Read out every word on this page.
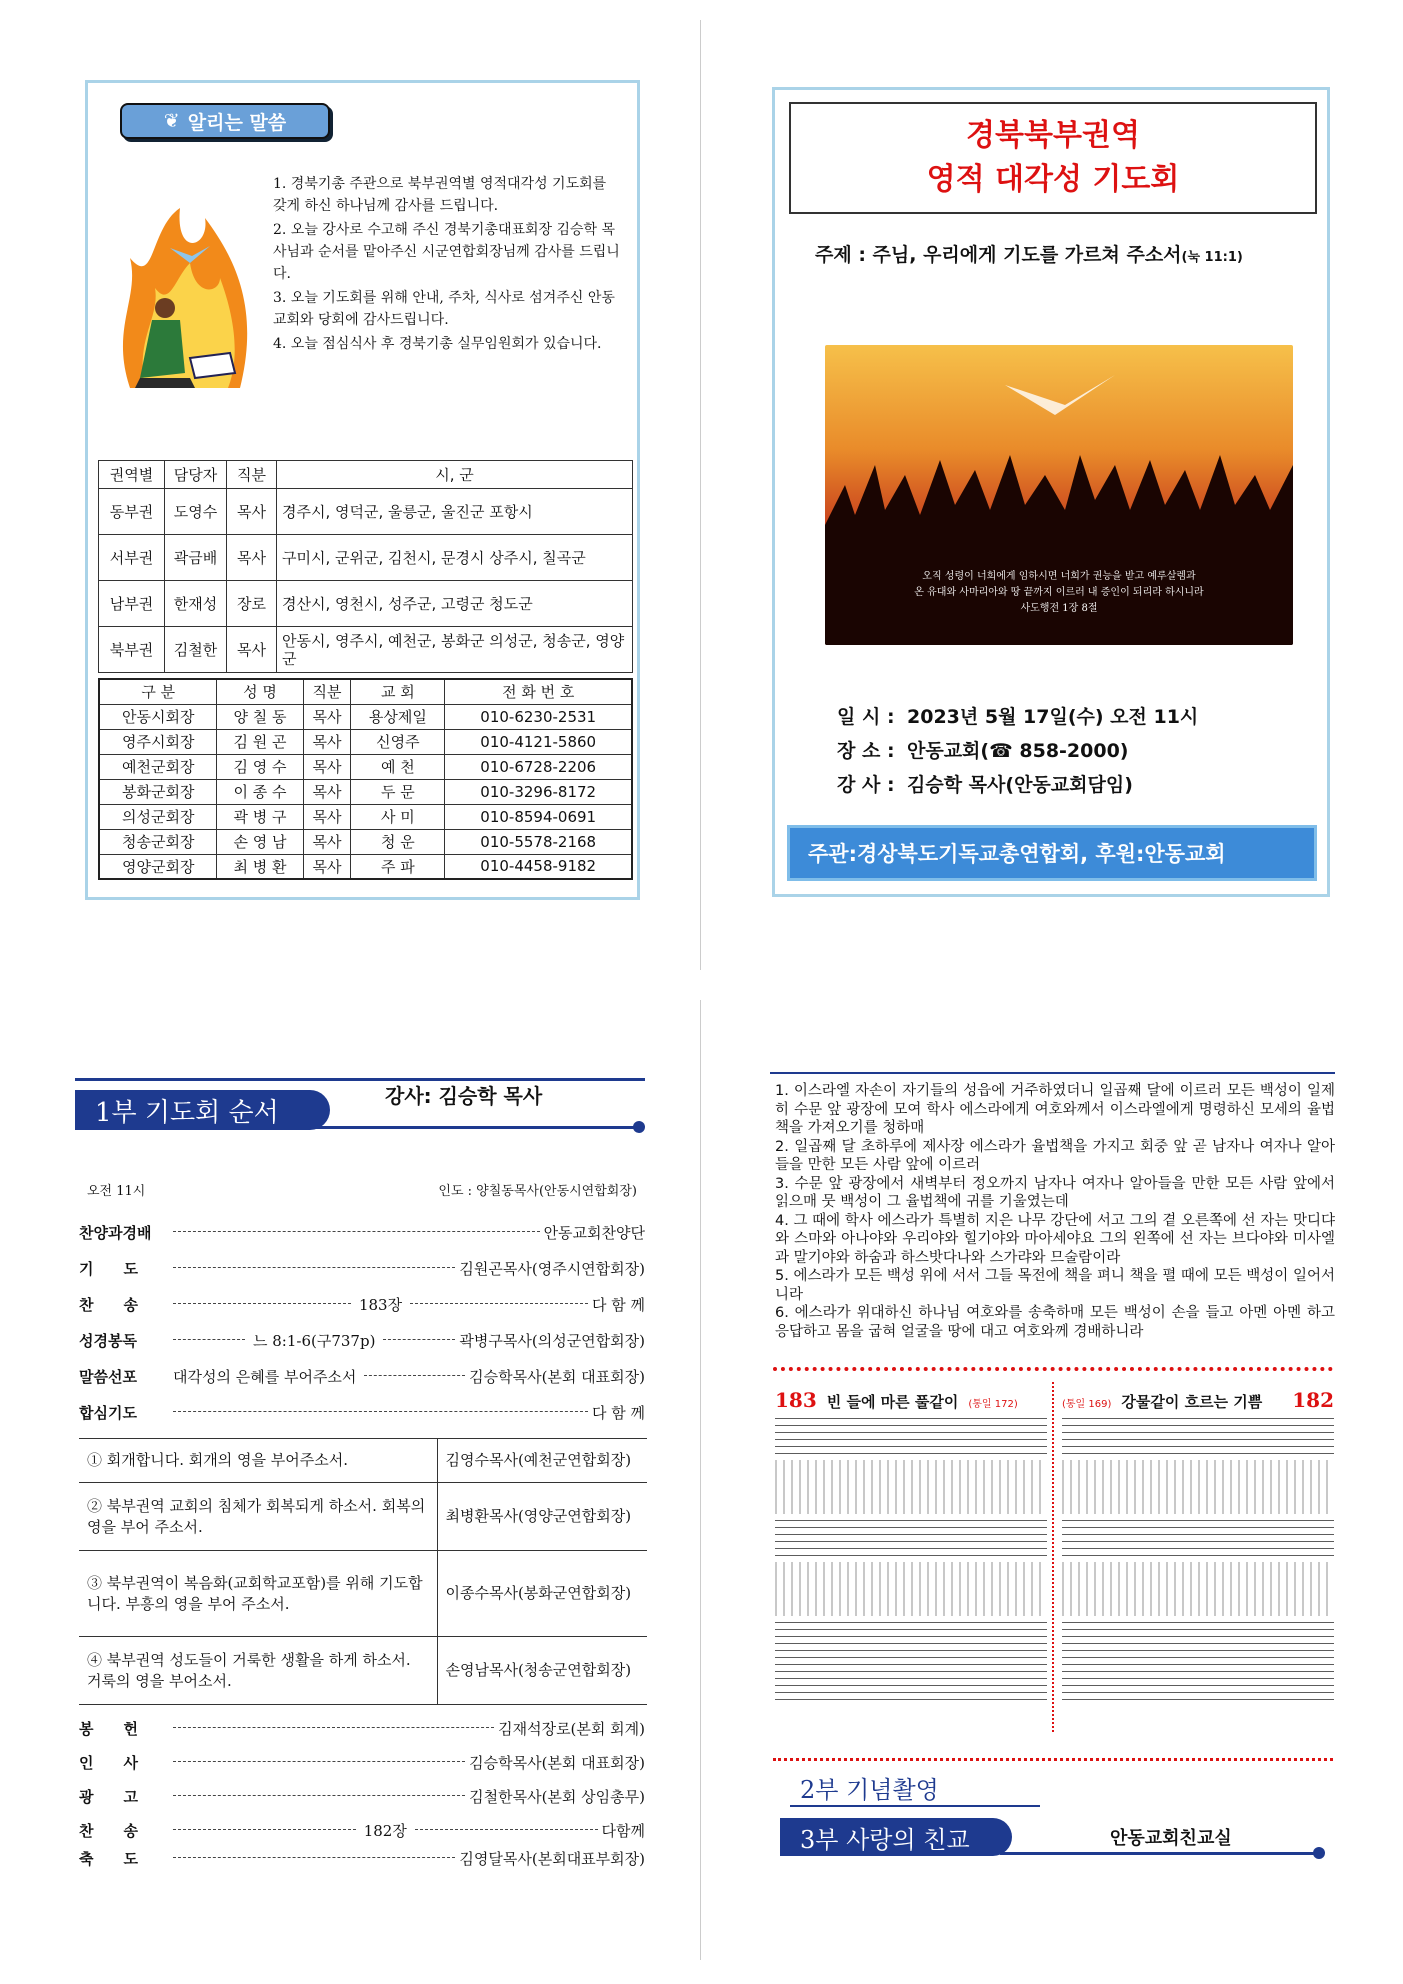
❦ 알리는 말씀
1. 경북기총 주관으로 북부권역별 영적대각성 기도회를 갖게 하신 하나님께 감사를 드립니다.
2. 오늘 강사로 수고해 주신 경북기총대표회장 김승학 목사님과 순서를 맡아주신 시군연합회장님께 감사를 드립니다.
3. 오늘 기도회를 위해 안내, 주차, 식사로 섬겨주신 안동교회와 당회에 감사드립니다.
4. 오늘 점심식사 후 경북기총 실무임원회가 있습니다.
권역별	담당자	직분	시, 군
동부권	도영수	목사	경주시, 영덕군, 울릉군, 울진군 포항시
서부권	곽금배	목사	구미시, 군위군, 김천시, 문경시 상주시, 칠곡군
남부권	한재성	장로	경산시, 영천시, 성주군, 고령군 청도군
북부권	김철한	목사	안동시, 영주시, 예천군, 봉화군 의성군, 청송군, 영양군
구 분	성 명	직분	교 회	전 화 번 호
안동시회장	양 칠 동	목사	용상제일	010-6230-2531
영주시회장	김 원 곤	목사	신영주	010-4121-5860
예천군회장	김 영 수	목사	예 천	010-6728-2206
봉화군회장	이 종 수	목사	두 문	010-3296-8172
의성군회장	곽 병 구	목사	사 미	010-8594-0691
청송군회장	손 영 남	목사	청 운	010-5578-2168
영양군회장	최 병 환	목사	주 파	010-4458-9182
경북북부권역
영적 대각성 기도회
주제 : 주님, 우리에게 기도를 가르쳐 주소서(눅 11:1)
오직 성령이 너희에게 임하시면 너희가 권능을 받고 예루살렘과
온 유대와 사마리아와 땅 끝까지 이르러 내 증인이 되리라 하시니라
사도행전 1장 8절
일 시 : 2023년 5월 17일(수) 오전 11시
장 소 : 안동교회(☎ 858-2000)
강 사 : 김승학 목사(안동교회담임)
주관:경상북도기독교총연합회, 후원:안동교회
1부 기도회 순서
강사: 김승학 목사
오전 11시	인도 : 양칠동목사(안동시연합회장)
찬양과경배	안동교회찬양단
기　　도	김원곤목사(영주시연합회장)
찬　　송	183장	다 함 께
성경봉독	느 8:1-6(구737p)	곽병구목사(의성군연합회장)
말씀선포	대각성의 은혜를 부어주소서	김승학목사(본회 대표회장)
합심기도	다 함 께
① 회개합니다. 회개의 영을 부어주소서.	김영수목사(예천군연합회장)
② 북부권역 교회의 침체가 회복되게 하소서. 회복의 영을 부어 주소서.	최병환목사(영양군연합회장)
③ 북부권역이 복음화(교회학교포함)를 위해 기도합니다. 부흥의 영을 부어 주소서.	이종수목사(봉화군연합회장)
④ 북부권역 성도들이 거룩한 생활을 하게 하소서. 거룩의 영을 부어소서.	손영남목사(청송군연합회장)
봉　　헌	김재석장로(본회 회계)
인　　사	김승학목사(본회 대표회장)
광　　고	김철한목사(본회 상임총무)
찬　　송	182장	다함께
축　　도	김영달목사(본회대표부회장)
1. 이스라엘 자손이 자기들의 성읍에 거주하였더니 일곱째 달에 이르러 모든 백성이 일제히 수문 앞 광장에 모여 학사 에스라에게 여호와께서 이스라엘에게 명령하신 모세의 율법책을 가져오기를 청하매
2. 일곱째 달 초하루에 제사장 에스라가 율법책을 가지고 회중 앞 곧 남자나 여자나 알아들을 만한 모든 사람 앞에 이르러
3. 수문 앞 광장에서 새벽부터 정오까지 남자나 여자나 알아들을 만한 모든 사람 앞에서 읽으매 뭇 백성이 그 율법책에 귀를 기울였는데
4. 그 때에 학사 에스라가 특별히 지은 나무 강단에 서고 그의 곁 오른쪽에 선 자는 맛디댜와 스마와 아나야와 우리야와 힐기야와 마아세야요 그의 왼쪽에 선 자는 브다야와 미사엘과 말기야와 하숨과 하스밧다나와 스가랴와 므술람이라
5. 에스라가 모든 백성 위에 서서 그들 목전에 책을 펴니 책을 펼 때에 모든 백성이 일어서니라
6. 에스라가 위대하신 하나님 여호와를 송축하매 모든 백성이 손을 들고 아멘 아멘 하고 응답하고 몸을 굽혀 얼굴을 땅에 대고 여호와께 경배하니라
183 빈 들에 마른 풀같이 (통일 172)	(통일 169) 강물같이 흐르는 기쁨 182
2부 기념촬영
3부 사랑의 친교	안동교회친교실
